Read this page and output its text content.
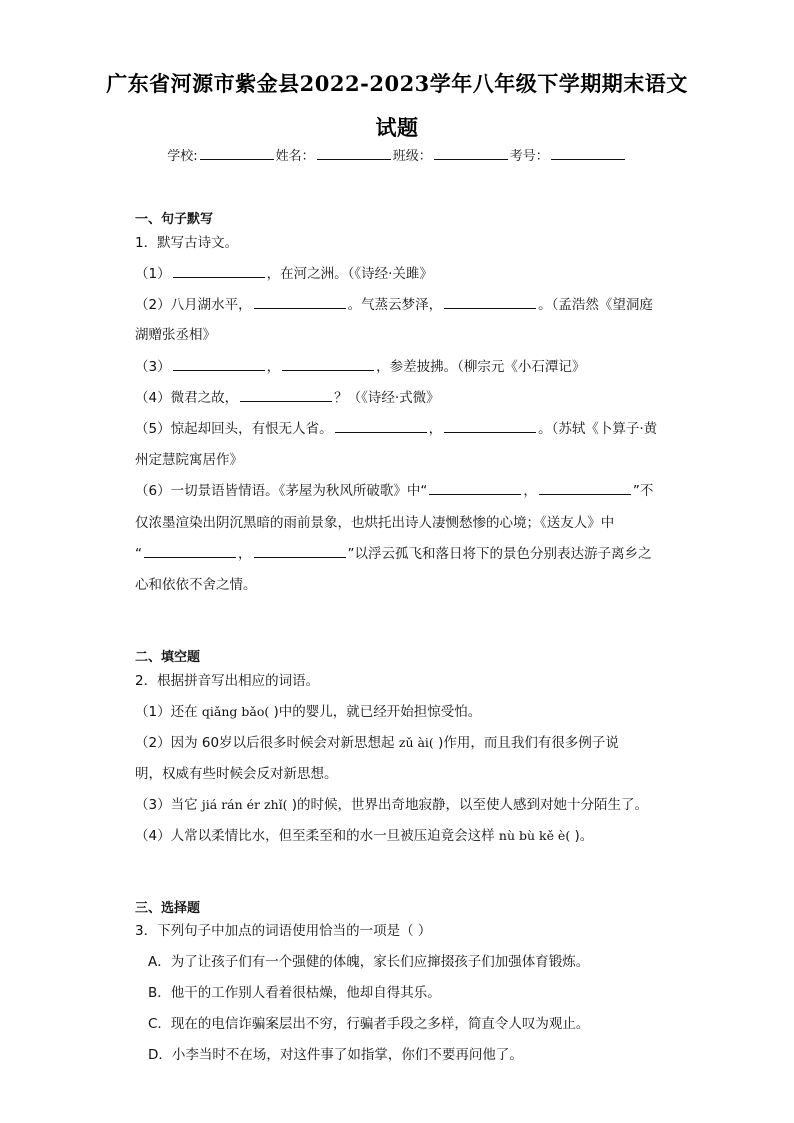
广东省河源市紫金县2022-2023学年八年级下学期期末语文
试题
学校:	姓名：	班级：	考号：
一、句子默写
1．默写古诗文。
（1）	，在河之洲。（《诗经·关雎》
（2）八月湖水平，	。气蒸云梦泽，	。（孟浩然《望洞庭
湖赠张丞相》
（3）	，	，参差披拂。（柳宗元《小石潭记》
（4）微君之故，	？（《诗经·式微》
（5）惊起却回头，有恨无人省。	，	。（苏轼《卜算子·黄
州定慧院寓居作》
（6）一切景语皆情语。《茅屋为秋风所破歌》中“	，	”不
仅浓墨渲染出阴沉黑暗的雨前景象，也烘托出诗人凄恻愁惨的心境；《送友人》中
“	，	”以浮云孤飞和落日将下的景色分别表达游子离乡之
心和依依不舍之情。
二、填空题
2．根据拼音写出相应的词语。
（1）还在 qiǎng bǎo( )中的婴儿，就已经开始担惊受怕。
（2）因为 60岁以后很多时候会对新思想起 zǔ ài( )作用，而且我们有很多例子说
明，权威有些时候会反对新思想。
（3）当它 jiá rán ér zhǐ( )的时候，世界出奇地寂静，以至使人感到对她十分陌生了。
（4）人常以柔情比水，但至柔至和的水一旦被压迫竟会这样 nù bù kě è( )。
三、选择题
3．下列句子中加点的词语使用恰当的一项是（ ）
A．为了让孩子们有一个强健的体魄，家长们应撺掇孩子们加强体育锻炼。
B．他干的工作别人看着很枯燥，他却自得其乐。
C．现在的电信诈骗案层出不穷，行骗者手段之多样，简直令人叹为观止。
D．小李当时不在场，对这件事了如指掌，你们不要再问他了。
